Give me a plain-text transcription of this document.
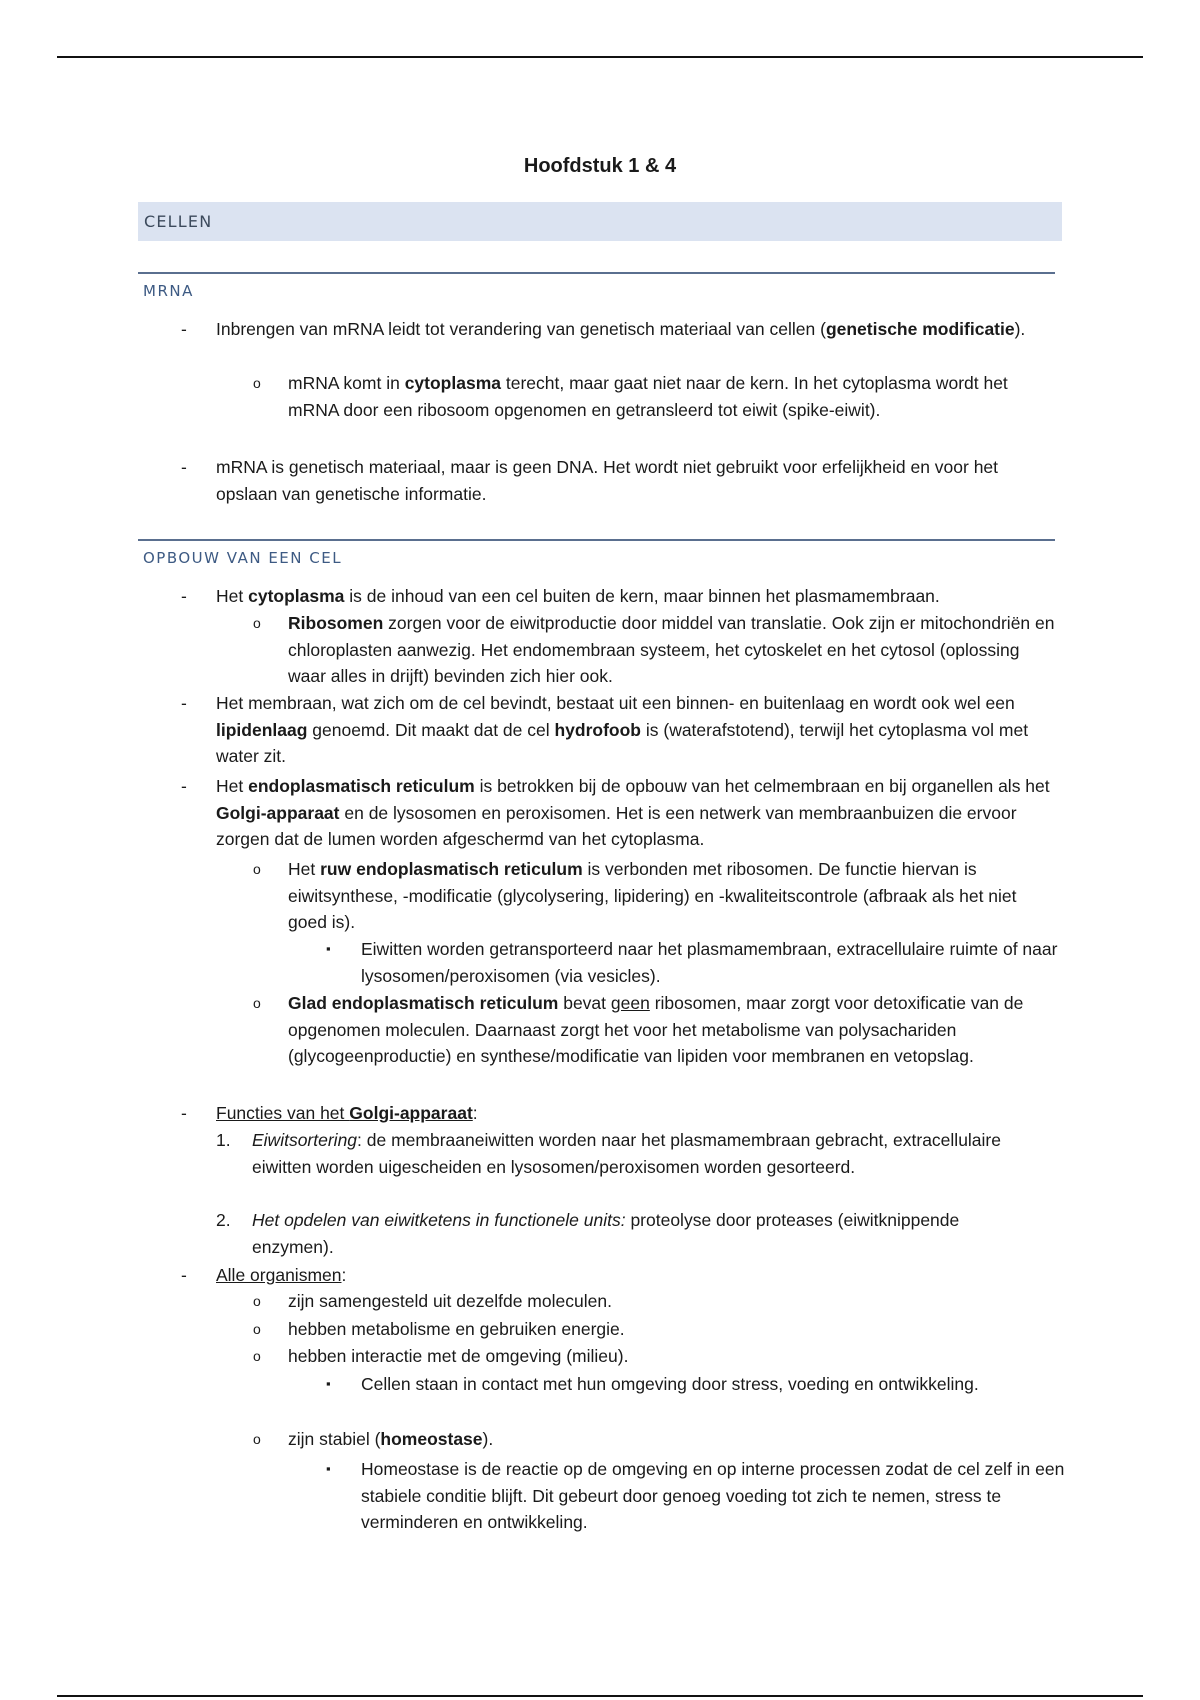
Hoofdstuk 1 & 4
CELLEN
MRNA
- Inbrengen van mRNA leidt tot verandering van genetisch materiaal van cellen (genetische modificatie).
o mRNA komt in cytoplasma terecht, maar gaat niet naar de kern. In het cytoplasma wordt het mRNA door een ribosoom opgenomen en getransleerd tot eiwit (spike-eiwit).
- mRNA is genetisch materiaal, maar is geen DNA. Het wordt niet gebruikt voor erfelijkheid en voor het opslaan van genetische informatie.
OPBOUW VAN EEN CEL
- Het cytoplasma is de inhoud van een cel buiten de kern, maar binnen het plasmamembraan.
o Ribosomen zorgen voor de eiwitproductie door middel van translatie. Ook zijn er mitochondriën en chloroplasten aanwezig. Het endomembraan systeem, het cytoskelet en het cytosol (oplossing waar alles in drijft) bevinden zich hier ook.
- Het membraan, wat zich om de cel bevindt, bestaat uit een binnen- en buitenlaag en wordt ook wel een lipidenlaag genoemd. Dit maakt dat de cel hydrofoob is (waterafstotend), terwijl het cytoplasma vol met water zit.
- Het endoplasmatisch reticulum is betrokken bij de opbouw van het celmembraan en bij organellen als het Golgi-apparaat en de lysosomen en peroxisomen. Het is een netwerk van membraanbuizen die ervoor zorgen dat de lumen worden afgeschermd van het cytoplasma.
o Het ruw endoplasmatisch reticulum is verbonden met ribosomen. De functie hiervan is eiwitsynthese, -modificatie (glycolysering, lipidering) en -kwaliteitscontrole (afbraak als het niet goed is).
▪ Eiwitten worden getransporteerd naar het plasmamembraan, extracellulaire ruimte of naar lysosomen/peroxisomen (via vesicles).
o Glad endoplasmatisch reticulum bevat geen ribosomen, maar zorgt voor detoxificatie van de opgenomen moleculen. Daarnaast zorgt het voor het metabolisme van polysachariden (glycogeenproductie) en synthese/modificatie van lipiden voor membranen en vetopslag.
- Functies van het Golgi-apparaat:
1. Eiwitsortering: de membraaneiwitten worden naar het plasmamembraan gebracht, extracellulaire eiwitten worden uigescheiden en lysosomen/peroxisomen worden gesorteerd.
2. Het opdelen van eiwitketens in functionele units: proteolyse door proteases (eiwitknippende enzymen).
- Alle organismen:
o zijn samengesteld uit dezelfde moleculen.
o hebben metabolisme en gebruiken energie.
o hebben interactie met de omgeving (milieu).
▪ Cellen staan in contact met hun omgeving door stress, voeding en ontwikkeling.
o zijn stabiel (homeostase).
▪ Homeostase is de reactie op de omgeving en op interne processen zodat de cel zelf in een stabiele conditie blijft. Dit gebeurt door genoeg voeding tot zich te nemen, stress te verminderen en ontwikkeling.
